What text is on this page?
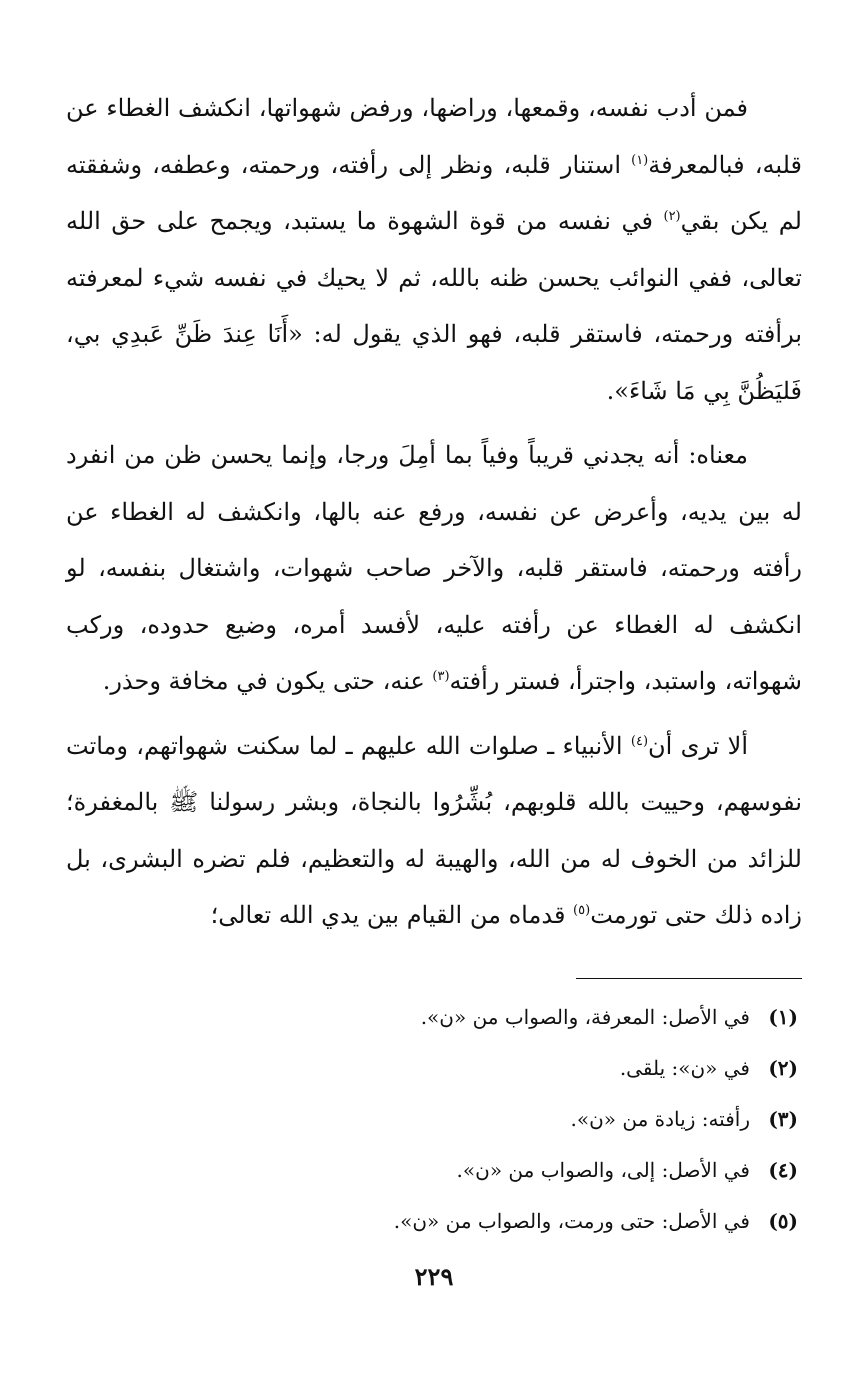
فمن أدب نفسه، وقمعها، وراضها، ورفض شهواتها، انكشف الغطاء عن قلبه، فبالمعرفة$^{(١)}$ استنار قلبه، ونظر إلى رأفته، ورحمته، وعطفه، وشفقته لم يكن بقي$^{(٢)}$ في نفسه من قوة الشهوة ما يستبد، ويجمح على حق الله تعالى، ففي النوائب يحسن ظنه بالله، ثم لا يحيك في نفسه شيء لمعرفته برأفته ورحمته، فاستقر قلبه، فهو الذي يقول له: «أَنَا عِندَ ظَنِّ عَبدِي بي، فَليَظُنَّ بِي مَا شَاءَ».

معناه: أنه يجدني قريباً وفياً بما أمِلَ ورجا، وإنما يحسن ظن من انفرد له بين يديه، وأعرض عن نفسه، ورفع عنه بالها، وانكشف له الغطاء عن رأفته ورحمته، فاستقر قلبه، والآخر صاحب شهوات، واشتغال بنفسه، لو انكشف له الغطاء عن رأفته عليه، لأفسد أمره، وضيع حدوده، وركب شهواته، واستبد، واجترأ، فستر رأفته$^{(٣)}$ عنه، حتى يكون في مخافة وحذر.

ألا ترى أن$^{(٤)}$ الأنبياء ـ صلوات الله عليهم ـ لما سكنت شهواتهم، وماتت نفوسهم، وحييت بالله قلوبهم، بُشِّرُوا بالنجاة، وبشر رسولنا ﷺ بالمغفرة؛ للزائد من الخوف له من الله، والهيبة له والتعظيم، فلم تضره البشرى، بل زاده ذلك حتى تورمت$^{(٥)}$ قدماه من القيام بين يدي الله تعالى؛

(١)
في الأصل: المعرفة، والصواب من «ن».
(٢)
في «ن»: يلقى.
(٣)
رأفته: زيادة من «ن».
(٤)
في الأصل: إلى، والصواب من «ن».
(٥)
في الأصل: حتى ورمت، والصواب من «ن».
٢٢٩
